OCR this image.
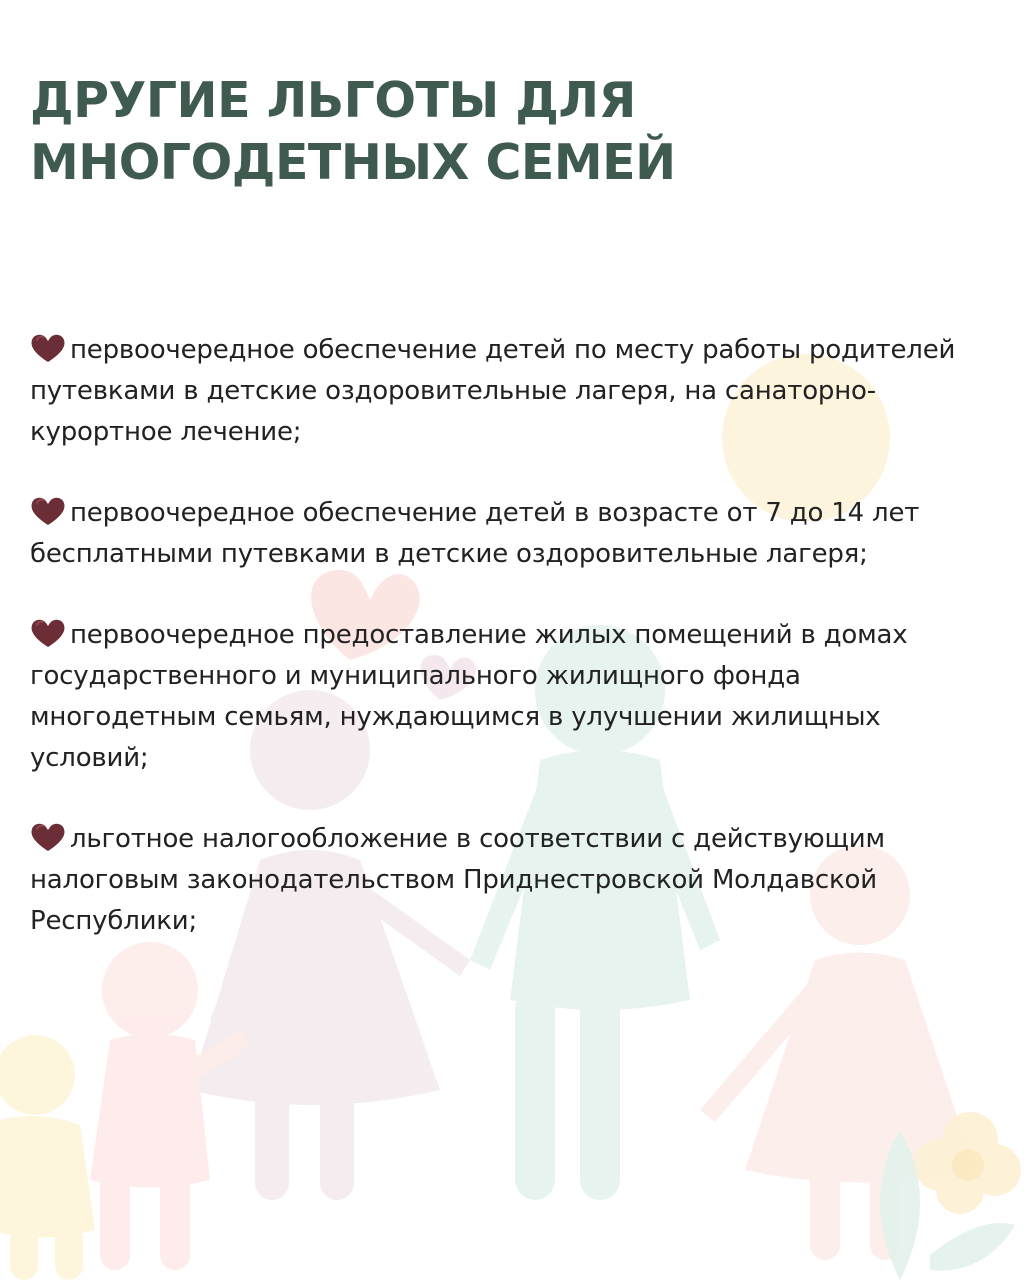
ДРУГИЕ ЛЬГОТЫ ДЛЯ МНОГОДЕТНЫХ СЕМЕЙ
первоочередное обеспечение детей по месту работы родителей путевками в детские оздоровительные лагеря, на санаторно-курортное лечение;
первоочередное обеспечение детей в возрасте от 7 до 14 лет бесплатными путевками в детские оздоровительные лагеря;
первоочередное предоставление жилых помещений в домах государственного и муниципального жилищного фонда многодетным семьям, нуждающимся в улучшении жилищных условий;
льготное налогообложение в соответствии с действующим налоговым законодательством Приднестровской Молдавской Республики;
